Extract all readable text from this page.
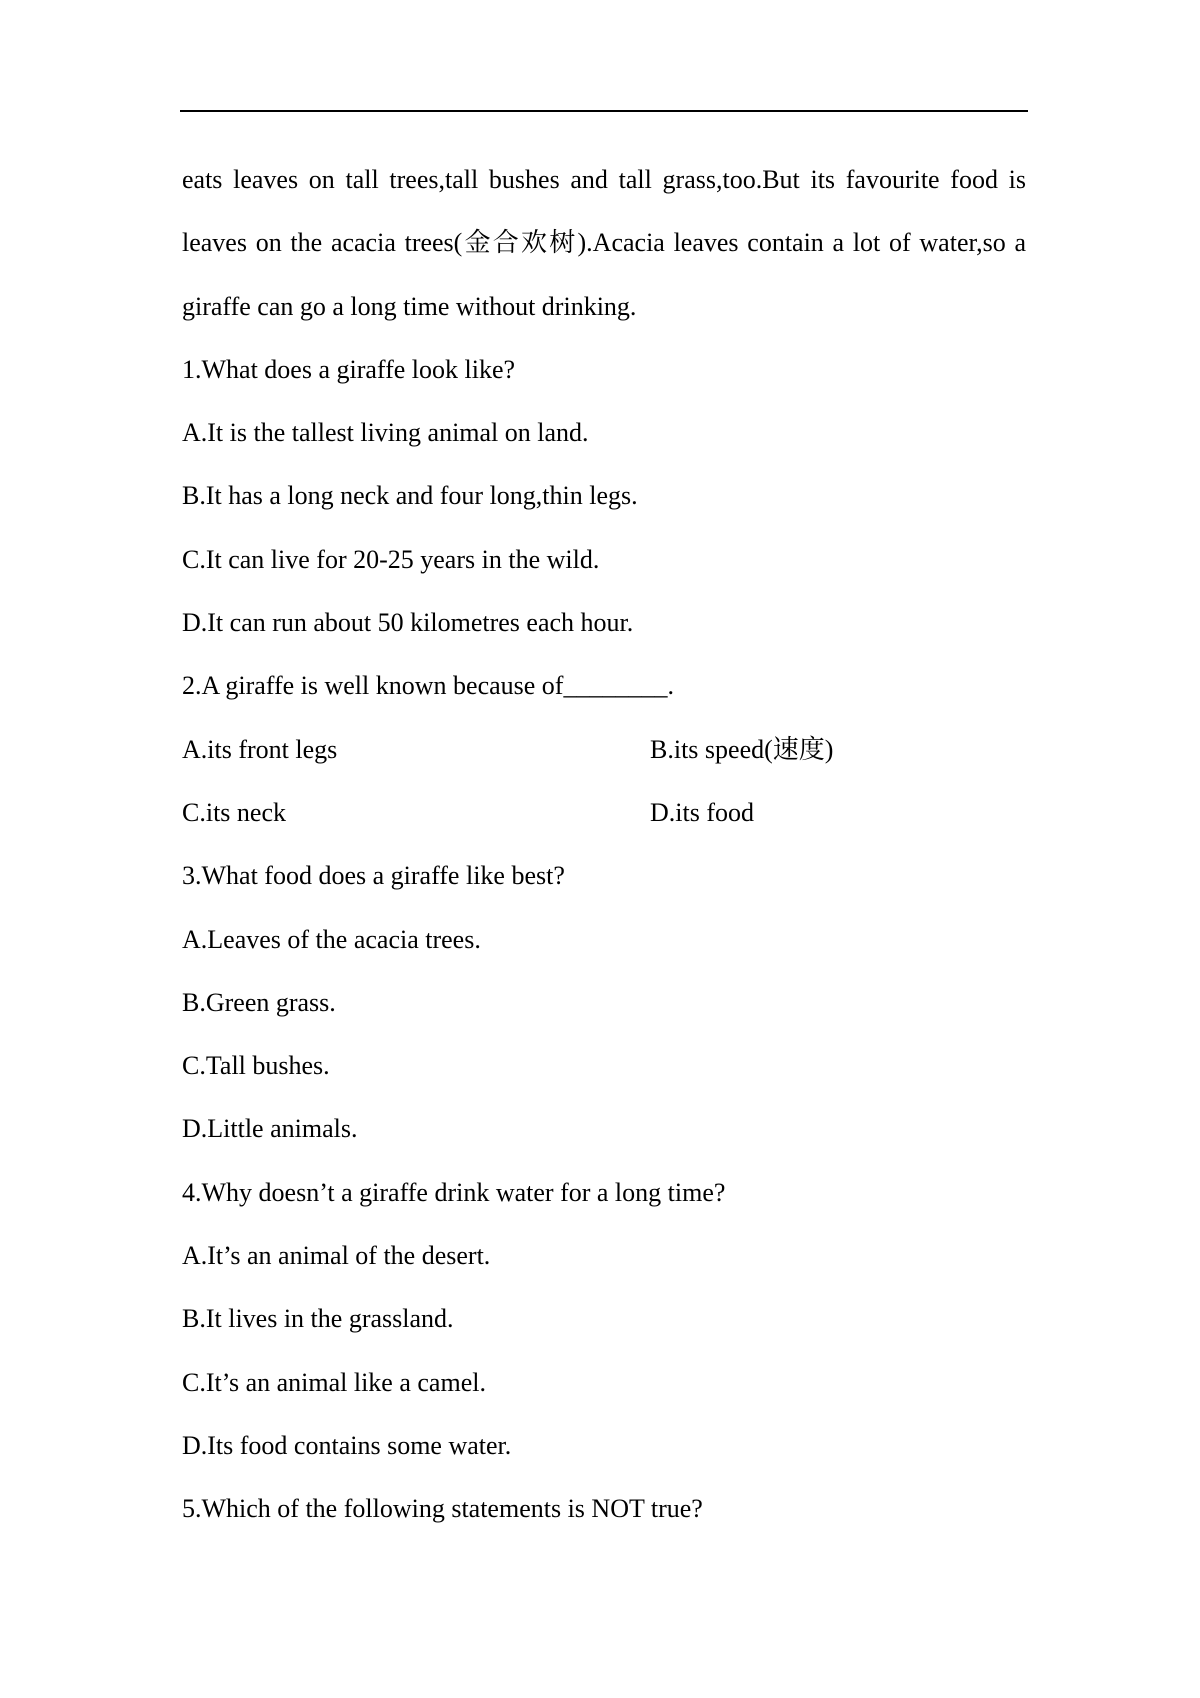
eats leaves on tall trees,tall bushes and tall grass,too.But its favourite food is leaves on the acacia trees(金合欢树).Acacia leaves contain a lot of water,so a giraffe can go a long time without drinking.

1.What does a giraffe look like?

A.It is the tallest living animal on land.

B.It has a long neck and four long,thin legs.

C.It can live for 20-25 years in the wild.

D.It can run about 50 kilometres each hour.

2.A giraffe is well known because of________.

A.its front legs	B.its speed(速度)
C.its neck	D.its food

3.What food does a giraffe like best?

A.Leaves of the acacia trees.

B.Green grass.

C.Tall bushes.

D.Little animals.

4.Why doesn’t a giraffe drink water for a long time?

A.It’s an animal of the desert.

B.It lives in the grassland.

C.It’s an animal like a camel.

D.Its food contains some water.

5.Which of the following statements is NOT true?
